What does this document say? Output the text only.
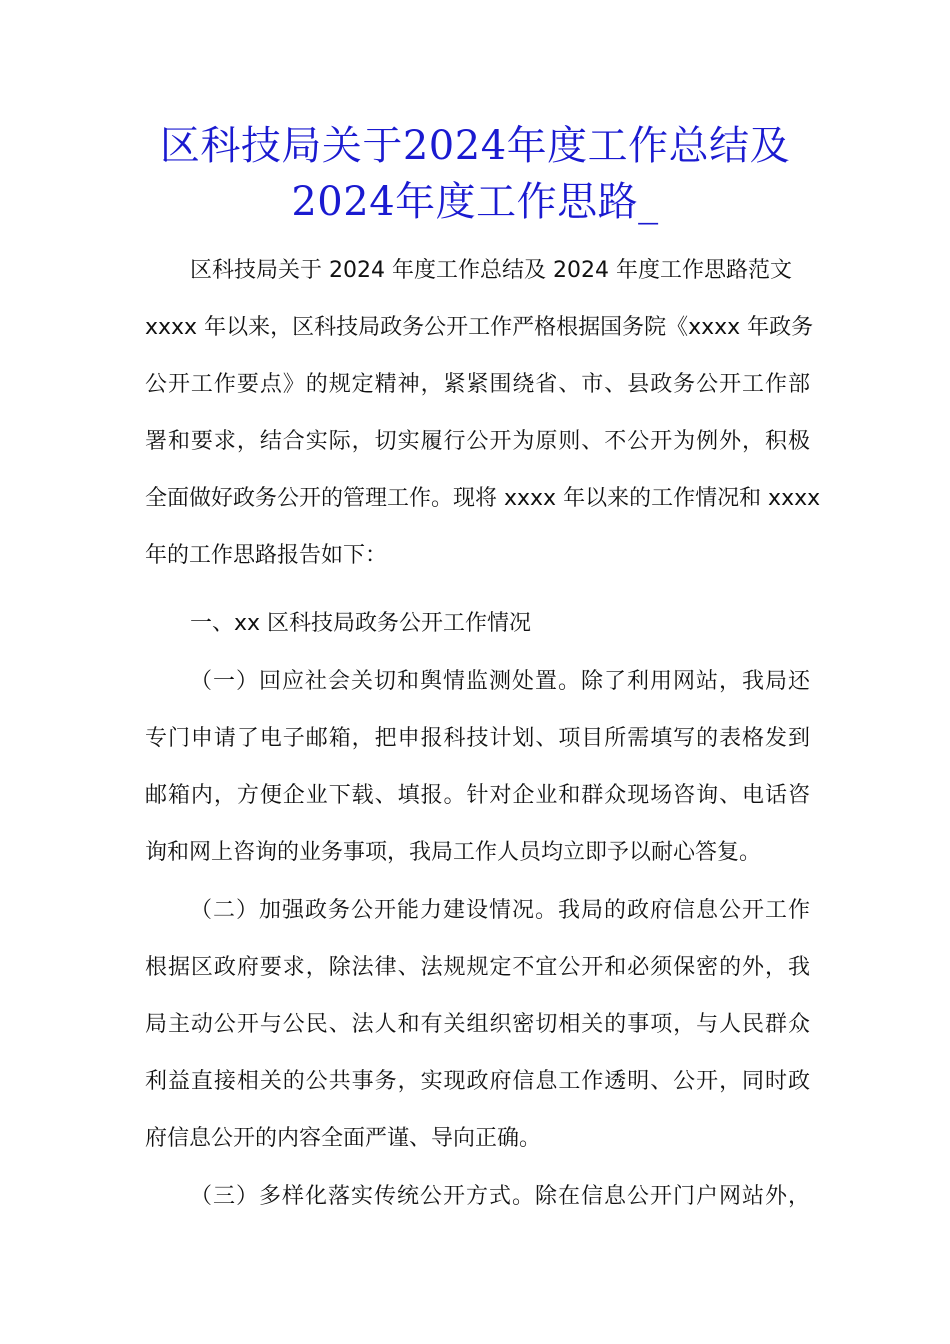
区科技局关于2024年度工作总结及
2024年度工作思路_
区科技局关于 2024 年度工作总结及 2024 年度工作思路范文
xxxx 年以来，区科技局政务公开工作严格根据国务院《xxxx 年政务
公开工作要点》的规定精神，紧紧围绕省、市、县政务公开工作部
署和要求，结合实际，切实履行公开为原则、不公开为例外，积极
全面做好政务公开的管理工作。现将 xxxx 年以来的工作情况和 xxxx
年的工作思路报告如下：
一、xx 区科技局政务公开工作情况
（一）回应社会关切和舆情监测处置。除了利用网站，我局还
专门申请了电子邮箱，把申报科技计划、项目所需填写的表格发到
邮箱内，方便企业下载、填报。针对企业和群众现场咨询、电话咨
询和网上咨询的业务事项，我局工作人员均立即予以耐心答复。
（二）加强政务公开能力建设情况。我局的政府信息公开工作
根据区政府要求，除法律、法规规定不宜公开和必须保密的外，我
局主动公开与公民、法人和有关组织密切相关的事项，与人民群众
利益直接相关的公共事务，实现政府信息工作透明、公开，同时政
府信息公开的内容全面严谨、导向正确。
（三）多样化落实传统公开方式。除在信息公开门户网站外，
